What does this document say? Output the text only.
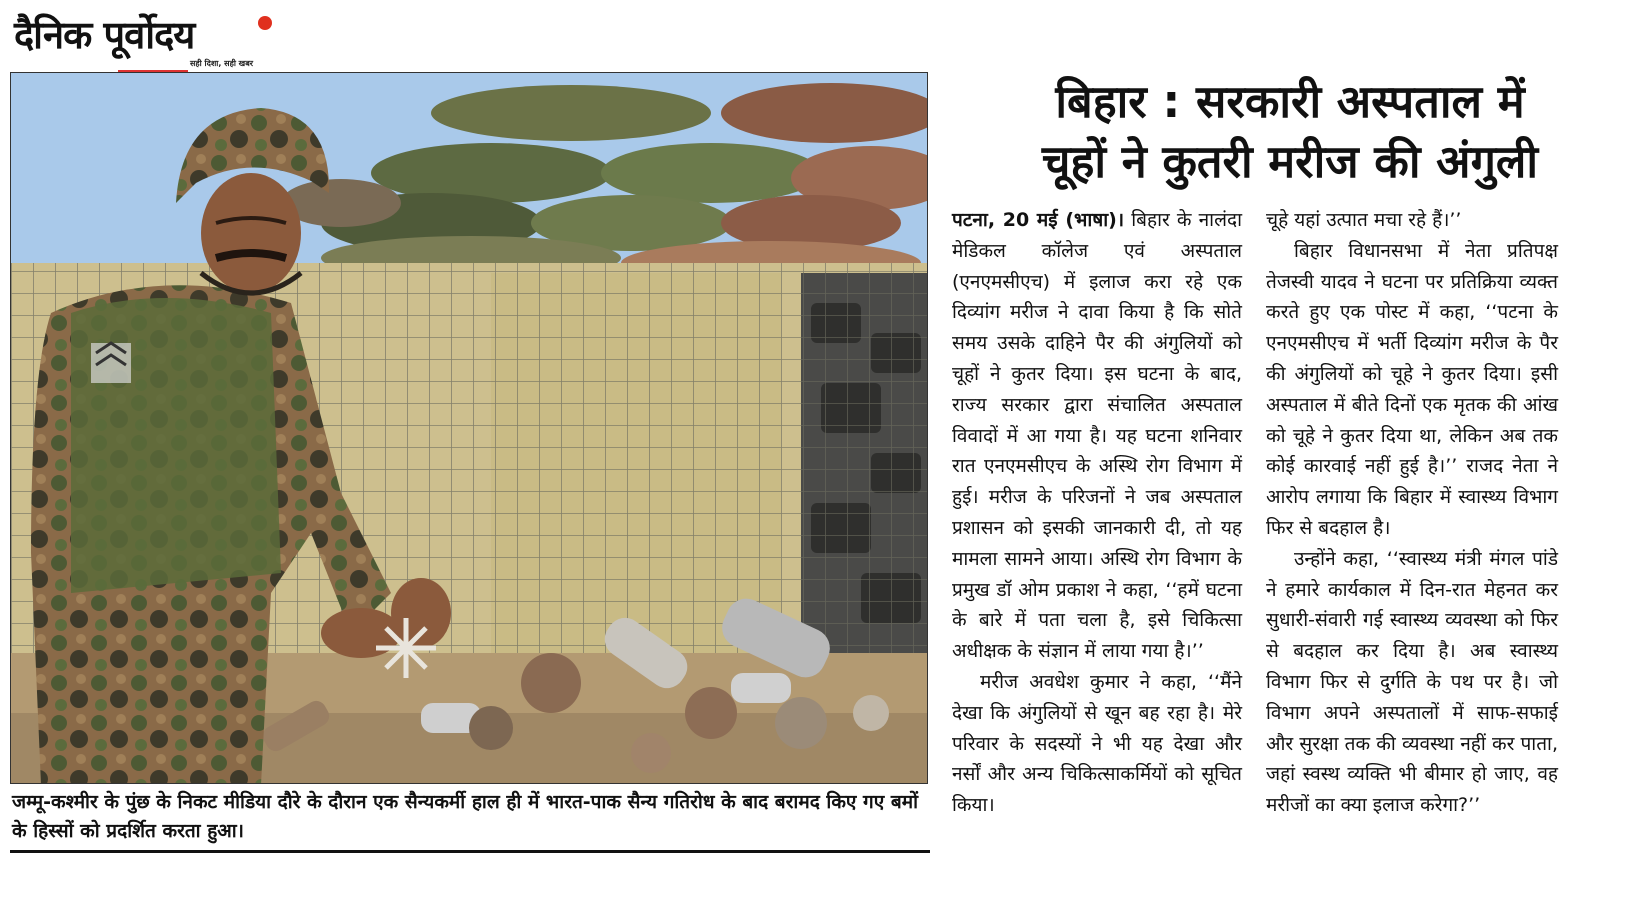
दैनिक पूर्वोदय
सही दिशा, सही खबर
जम्मू-कश्मीर के पुंछ के निकट मीडिया दौरे के दौरान एक सैन्यकर्मी हाल ही में भारत-पाक सैन्य गतिरोध के बाद बरामद किए गए बमों के हिस्सों को प्रदर्शित करता हुआ।
बिहार : सरकारी अस्पताल में
चूहों ने कुतरी मरीज की अंगुली

पटना, 20 मई (भाषा)। बिहार के नालंदा मेडिकल कॉलेज एवं अस्पताल (एनएमसीएच) में इलाज करा रहे एक दिव्यांग मरीज ने दावा किया है कि सोते समय उसके दाहिने पैर की अंगुलियों को चूहों ने कुतर दिया। इस घटना के बाद, राज्य सरकार द्वारा संचालित अस्पताल विवादों में आ गया है। यह घटना शनिवार रात एनएमसीएच के अस्थि रोग विभाग में हुई। मरीज के परिजनों ने जब अस्पताल प्रशासन को इसकी जानकारी दी, तो यह मामला सामने आया। अस्थि रोग विभाग के प्रमुख डॉ ओम प्रकाश ने कहा, ‘‘हमें घटना के बारे में पता चला है, इसे चिकित्सा अधीक्षक के संज्ञान में लाया गया है।’’

मरीज अवधेश कुमार ने कहा, ‘‘मैंने देखा कि अंगुलियों से खून बह रहा है। मेरे परिवार के सदस्यों ने भी यह देखा और नर्सों और अन्य चिकित्साकर्मियों को सूचित किया।

चूहे यहां उत्पात मचा रहे हैं।’’

बिहार विधानसभा में नेता प्रतिपक्ष तेजस्वी यादव ने घटना पर प्रतिक्रिया व्यक्त करते हुए एक पोस्ट में कहा, ‘‘पटना के एनएमसीएच में भर्ती दिव्यांग मरीज के पैर की अंगुलियों को चूहे ने कुतर दिया। इसी अस्पताल में बीते दिनों एक मृतक की आंख को चूहे ने कुतर दिया था, लेकिन अब तक कोई कारवाई नहीं हुई है।’’ राजद नेता ने आरोप लगाया कि बिहार में स्वास्थ्य विभाग फिर से बदहाल है।

उन्होंने कहा, ‘‘स्वास्थ्य मंत्री मंगल पांडे ने हमारे कार्यकाल में दिन-रात मेहनत कर सुधारी-संवारी गई स्वास्थ्य व्यवस्था को फिर से बदहाल कर दिया है। अब स्वास्थ्य विभाग फिर से दुर्गति के पथ पर है। जो विभाग अपने अस्पतालों में साफ-सफाई और सुरक्षा तक की व्यवस्था नहीं कर पाता, जहां स्वस्थ व्यक्ति भी बीमार हो जाए, वह मरीजों का क्या इलाज करेगा?’’
